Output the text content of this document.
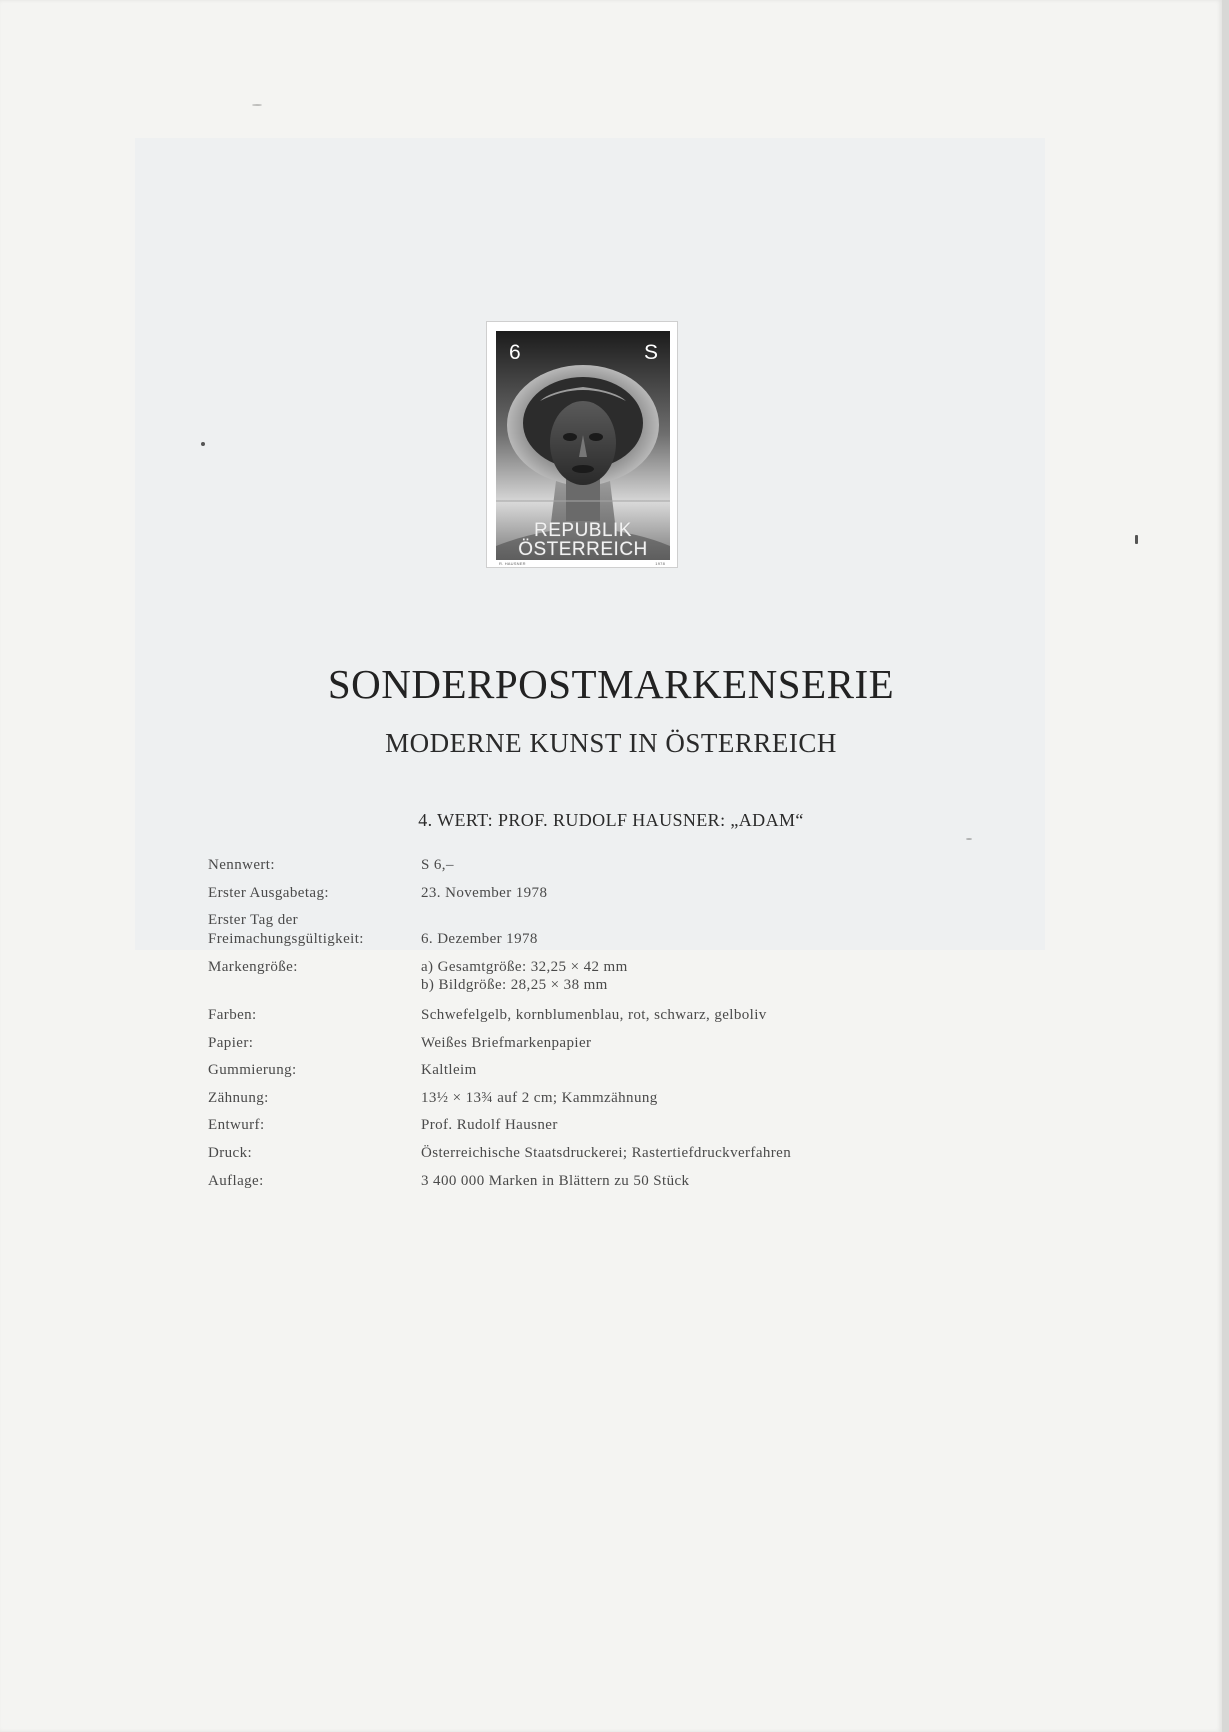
6	S
REPUBLIK
ÖSTERREICH
R. HAUSNER	1978
SONDERPOSTMARKENSERIE
MODERNE KUNST IN ÖSTERREICH
4. WERT: PROF. RUDOLF HAUSNER: „ADAM“
Nennwert:	S 6,–
Erster Ausgabetag:	23. November 1978
Erster Tag der
Freimachungsgültigkeit:	6. Dezember 1978
Markengröße:	a) Gesamtgröße: 32,25 × 42 mm
b) Bildgröße: 28,25 × 38 mm
Farben:	Schwefelgelb, kornblumenblau, rot, schwarz, gelboliv
Papier:	Weißes Briefmarkenpapier
Gummierung:	Kaltleim
Zähnung:	13½ × 13¾ auf 2 cm; Kammzähnung
Entwurf:	Prof. Rudolf Hausner
Druck:	Österreichische Staatsdruckerei; Rastertiefdruckverfahren
Auflage:	3 400 000 Marken in Blättern zu 50 Stück
